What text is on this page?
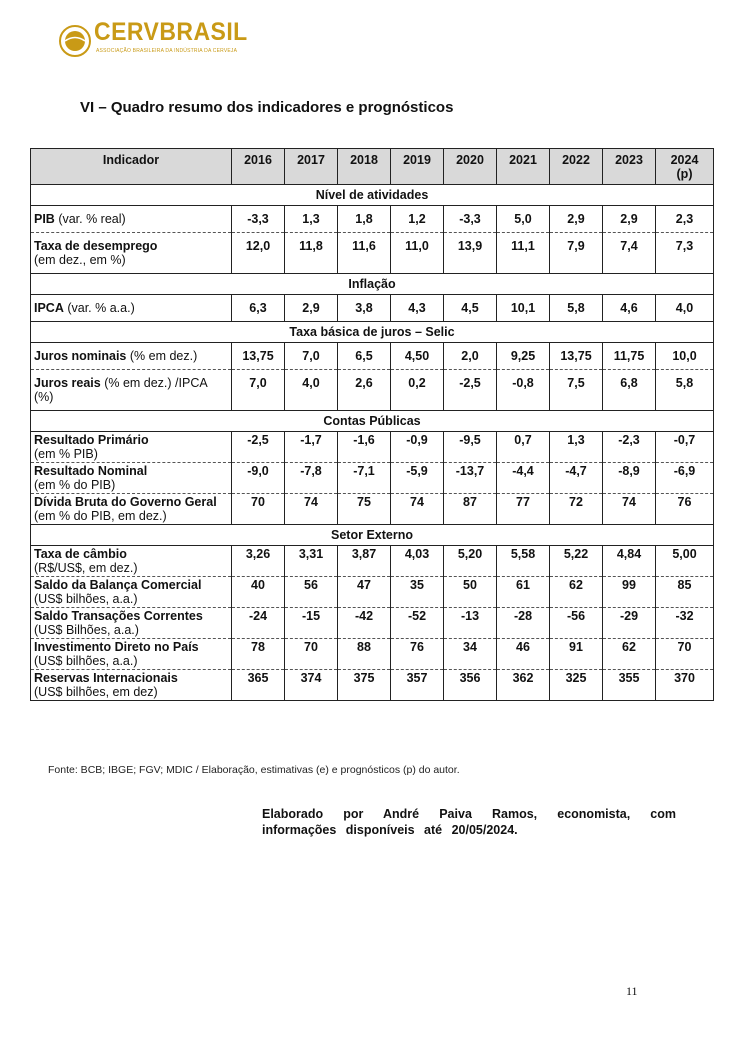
CERVBRASIL
ASSOCIAÇÃO BRASILEIRA DA INDÚSTRIA DA CERVEJA
VI – Quadro resumo dos indicadores e prognósticos
Indicador	2016	2017	2018	2019	2020	2021	2022	2023	2024
(p)
Nível de atividades									
PIB (var. % real)	-3,3	1,3	1,8	1,2	-3,3	5,0	2,9	2,9	2,3
Taxa de desemprego
(em dez., em %)	12,0	11,8	11,6	11,0	13,9	11,1	7,9	7,4	7,3
Inflação									
IPCA (var. % a.a.)	6,3	2,9	3,8	4,3	4,5	10,1	5,8	4,6	4,0
Taxa básica de juros – Selic									
Juros nominais (% em dez.)	13,75	7,0	6,5	4,50	2,0	9,25	13,75	11,75	10,0
Juros reais (% em dez.) /IPCA (%)	7,0	4,0	2,6	0,2	-2,5	-0,8	7,5	6,8	5,8
Contas Públicas									
Resultado Primário
(em % PIB)	-2,5	-1,7	-1,6	-0,9	-9,5	0,7	1,3	-2,3	-0,7
Resultado Nominal
(em % do PIB)	-9,0	-7,8	-7,1	-5,9	-13,7	-4,4	-4,7	-8,9	-6,9
Dívida Bruta do Governo Geral (em % do PIB, em dez.)	70	74	75	74	87	77	72	74	76
Setor Externo									
Taxa de câmbio
(R$/US$, em dez.)	3,26	3,31	3,87	4,03	5,20	5,58	5,22	4,84	5,00
Saldo da Balança Comercial
(US$ bilhões, a.a.)	40	56	47	35	50	61	62	99	85
Saldo Transações Correntes
(US$ Bilhões, a.a.)	-24	-15	-42	-52	-13	-28	-56	-29	-32
Investimento Direto no País
(US$ bilhões, a.a.)	78	70	88	76	34	46	91	62	70
Reservas Internacionais
(US$ bilhões, em dez)	365	374	375	357	356	362	325	355	370
Fonte: BCB; IBGE; FGV; MDIC / Elaboração, estimativas (e) e prognósticos (p) do autor.
Elaborado por André Paiva Ramos, economista, com informações disponíveis até 20/05/2024.
11
